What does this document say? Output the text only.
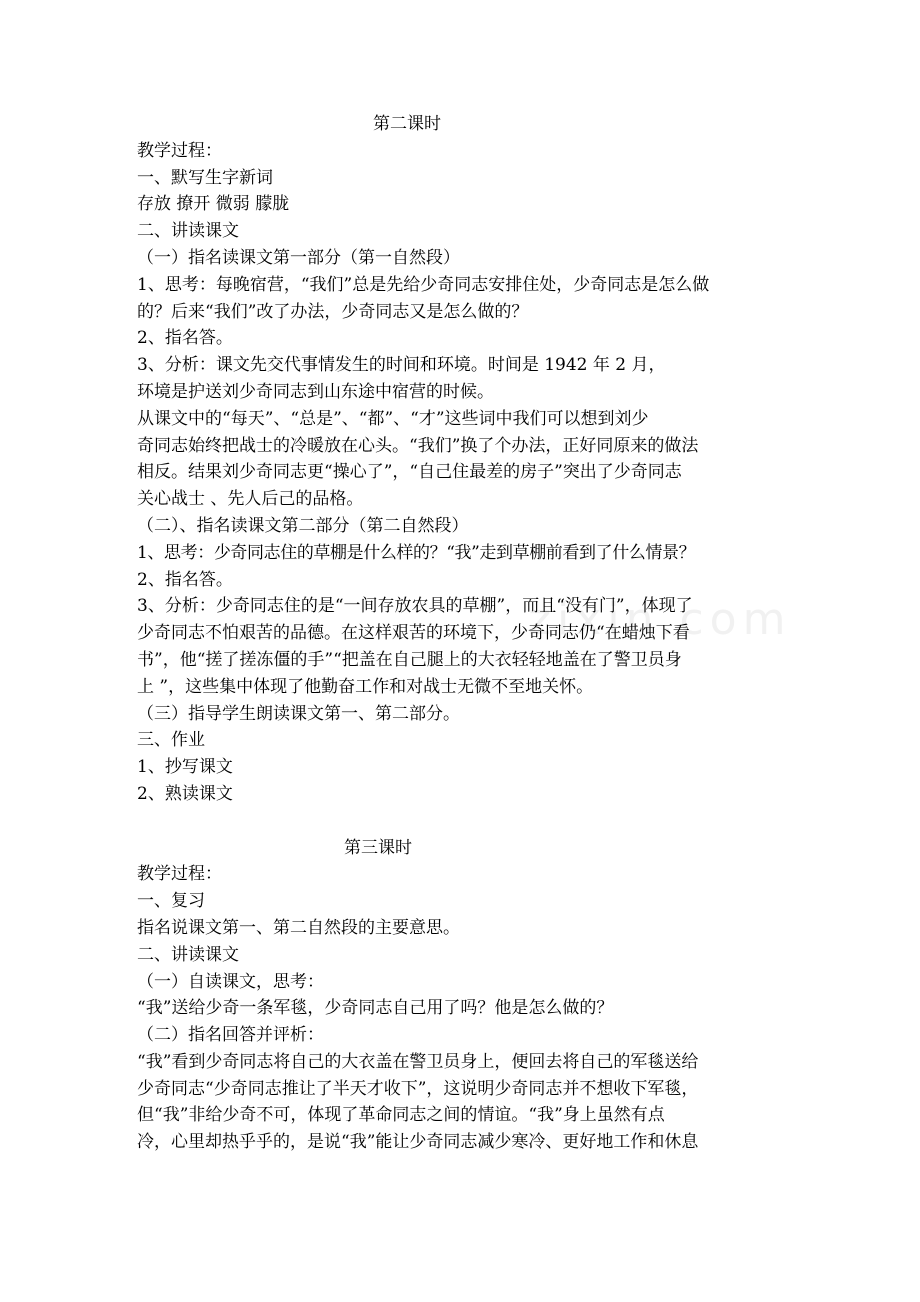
zixin.com
第二课时
教学过程：
一、默写生字新词
存放 撩开 微弱 朦胧
二、讲读课文
（一）指名读课文第一部分（第一自然段）
1、思考：每晚宿营，“我们”总是先给少奇同志安排住处，少奇同志是怎么做
的？后来“我们”改了办法，少奇同志又是怎么做的？
2、指名答。
3、分析：课文先交代事情发生的时间和环境。时间是 1942 年 2 月，
环境是护送刘少奇同志到山东途中宿营的时候。
从课文中的“每天”、“总是”、“都”、“才”这些词中我们可以想到刘少
奇同志始终把战士的冷暖放在心头。“我们”换了个办法，正好同原来的做法
相反。结果刘少奇同志更“操心了”，“自己住最差的房子”突出了少奇同志
关心战士 、先人后己的品格。
（二）、指名读课文第二部分（第二自然段）
1、思考：少奇同志住的草棚是什么样的？“我”走到草棚前看到了什么情景？
2、指名答。
3、分析：少奇同志住的是“一间存放农具的草棚”，而且“没有门”，体现了
少奇同志不怕艰苦的品德。在这样艰苦的环境下，少奇同志仍“在蜡烛下看
书”，他“搓了搓冻僵的手”“把盖在自己腿上的大衣轻轻地盖在了警卫员身
上 ”，这些集中体现了他勤奋工作和对战士无微不至地关怀。
（三）指导学生朗读课文第一、第二部分。
三、作业
1、抄写课文
2、熟读课文
第三课时
教学过程：
一、复习
指名说课文第一、第二自然段的主要意思。
二、讲读课文
（一）自读课文，思考：
“我”送给少奇一条军毯，少奇同志自己用了吗？他是怎么做的？
（二）指名回答并评析：
“我”看到少奇同志将自己的大衣盖在警卫员身上，便回去将自己的军毯送给
少奇同志“少奇同志推让了半天才收下”，这说明少奇同志并不想收下军毯，
但“我”非给少奇不可，体现了革命同志之间的情谊。“我”身上虽然有点
冷，心里却热乎乎的，是说“我”能让少奇同志减少寒冷、更好地工作和休息
